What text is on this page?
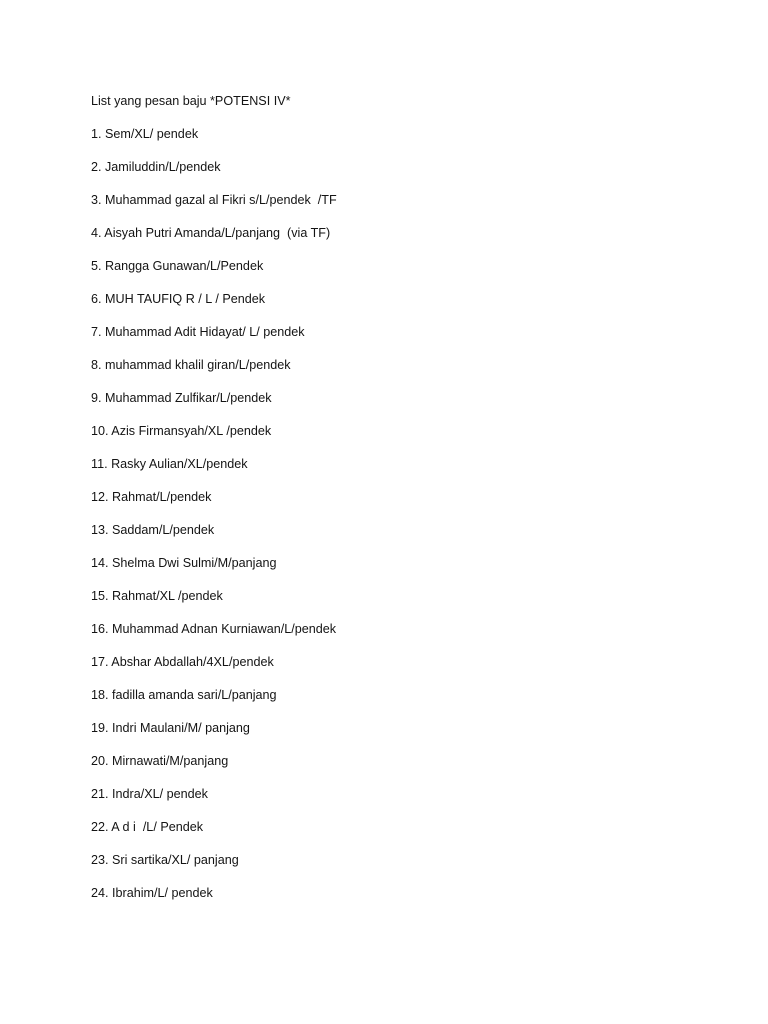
List yang pesan baju *POTENSI IV*
1. Sem/XL/ pendek
2. Jamiluddin/L/pendek
3. Muhammad gazal al Fikri s/L/pendek  /TF
4. Aisyah Putri Amanda/L/panjang  (via TF)
5. Rangga Gunawan/L/Pendek
6. MUH TAUFIQ R / L / Pendek
7. Muhammad Adit Hidayat/ L/ pendek
8. muhammad khalil giran/L/pendek
9. Muhammad Zulfikar/L/pendek
10. Azis Firmansyah/XL /pendek
11. Rasky Aulian/XL/pendek
12. Rahmat/L/pendek
13. Saddam/L/pendek
14. Shelma Dwi Sulmi/M/panjang
15. Rahmat/XL /pendek
16. Muhammad Adnan Kurniawan/L/pendek
17. Abshar Abdallah/4XL/pendek
18. fadilla amanda sari/L/panjang
19. Indri Maulani/M/ panjang
20. Mirnawati/M/panjang
21. Indra/XL/ pendek
22. A d i  /L/ Pendek
23. Sri sartika/XL/ panjang
24. Ibrahim/L/ pendek
